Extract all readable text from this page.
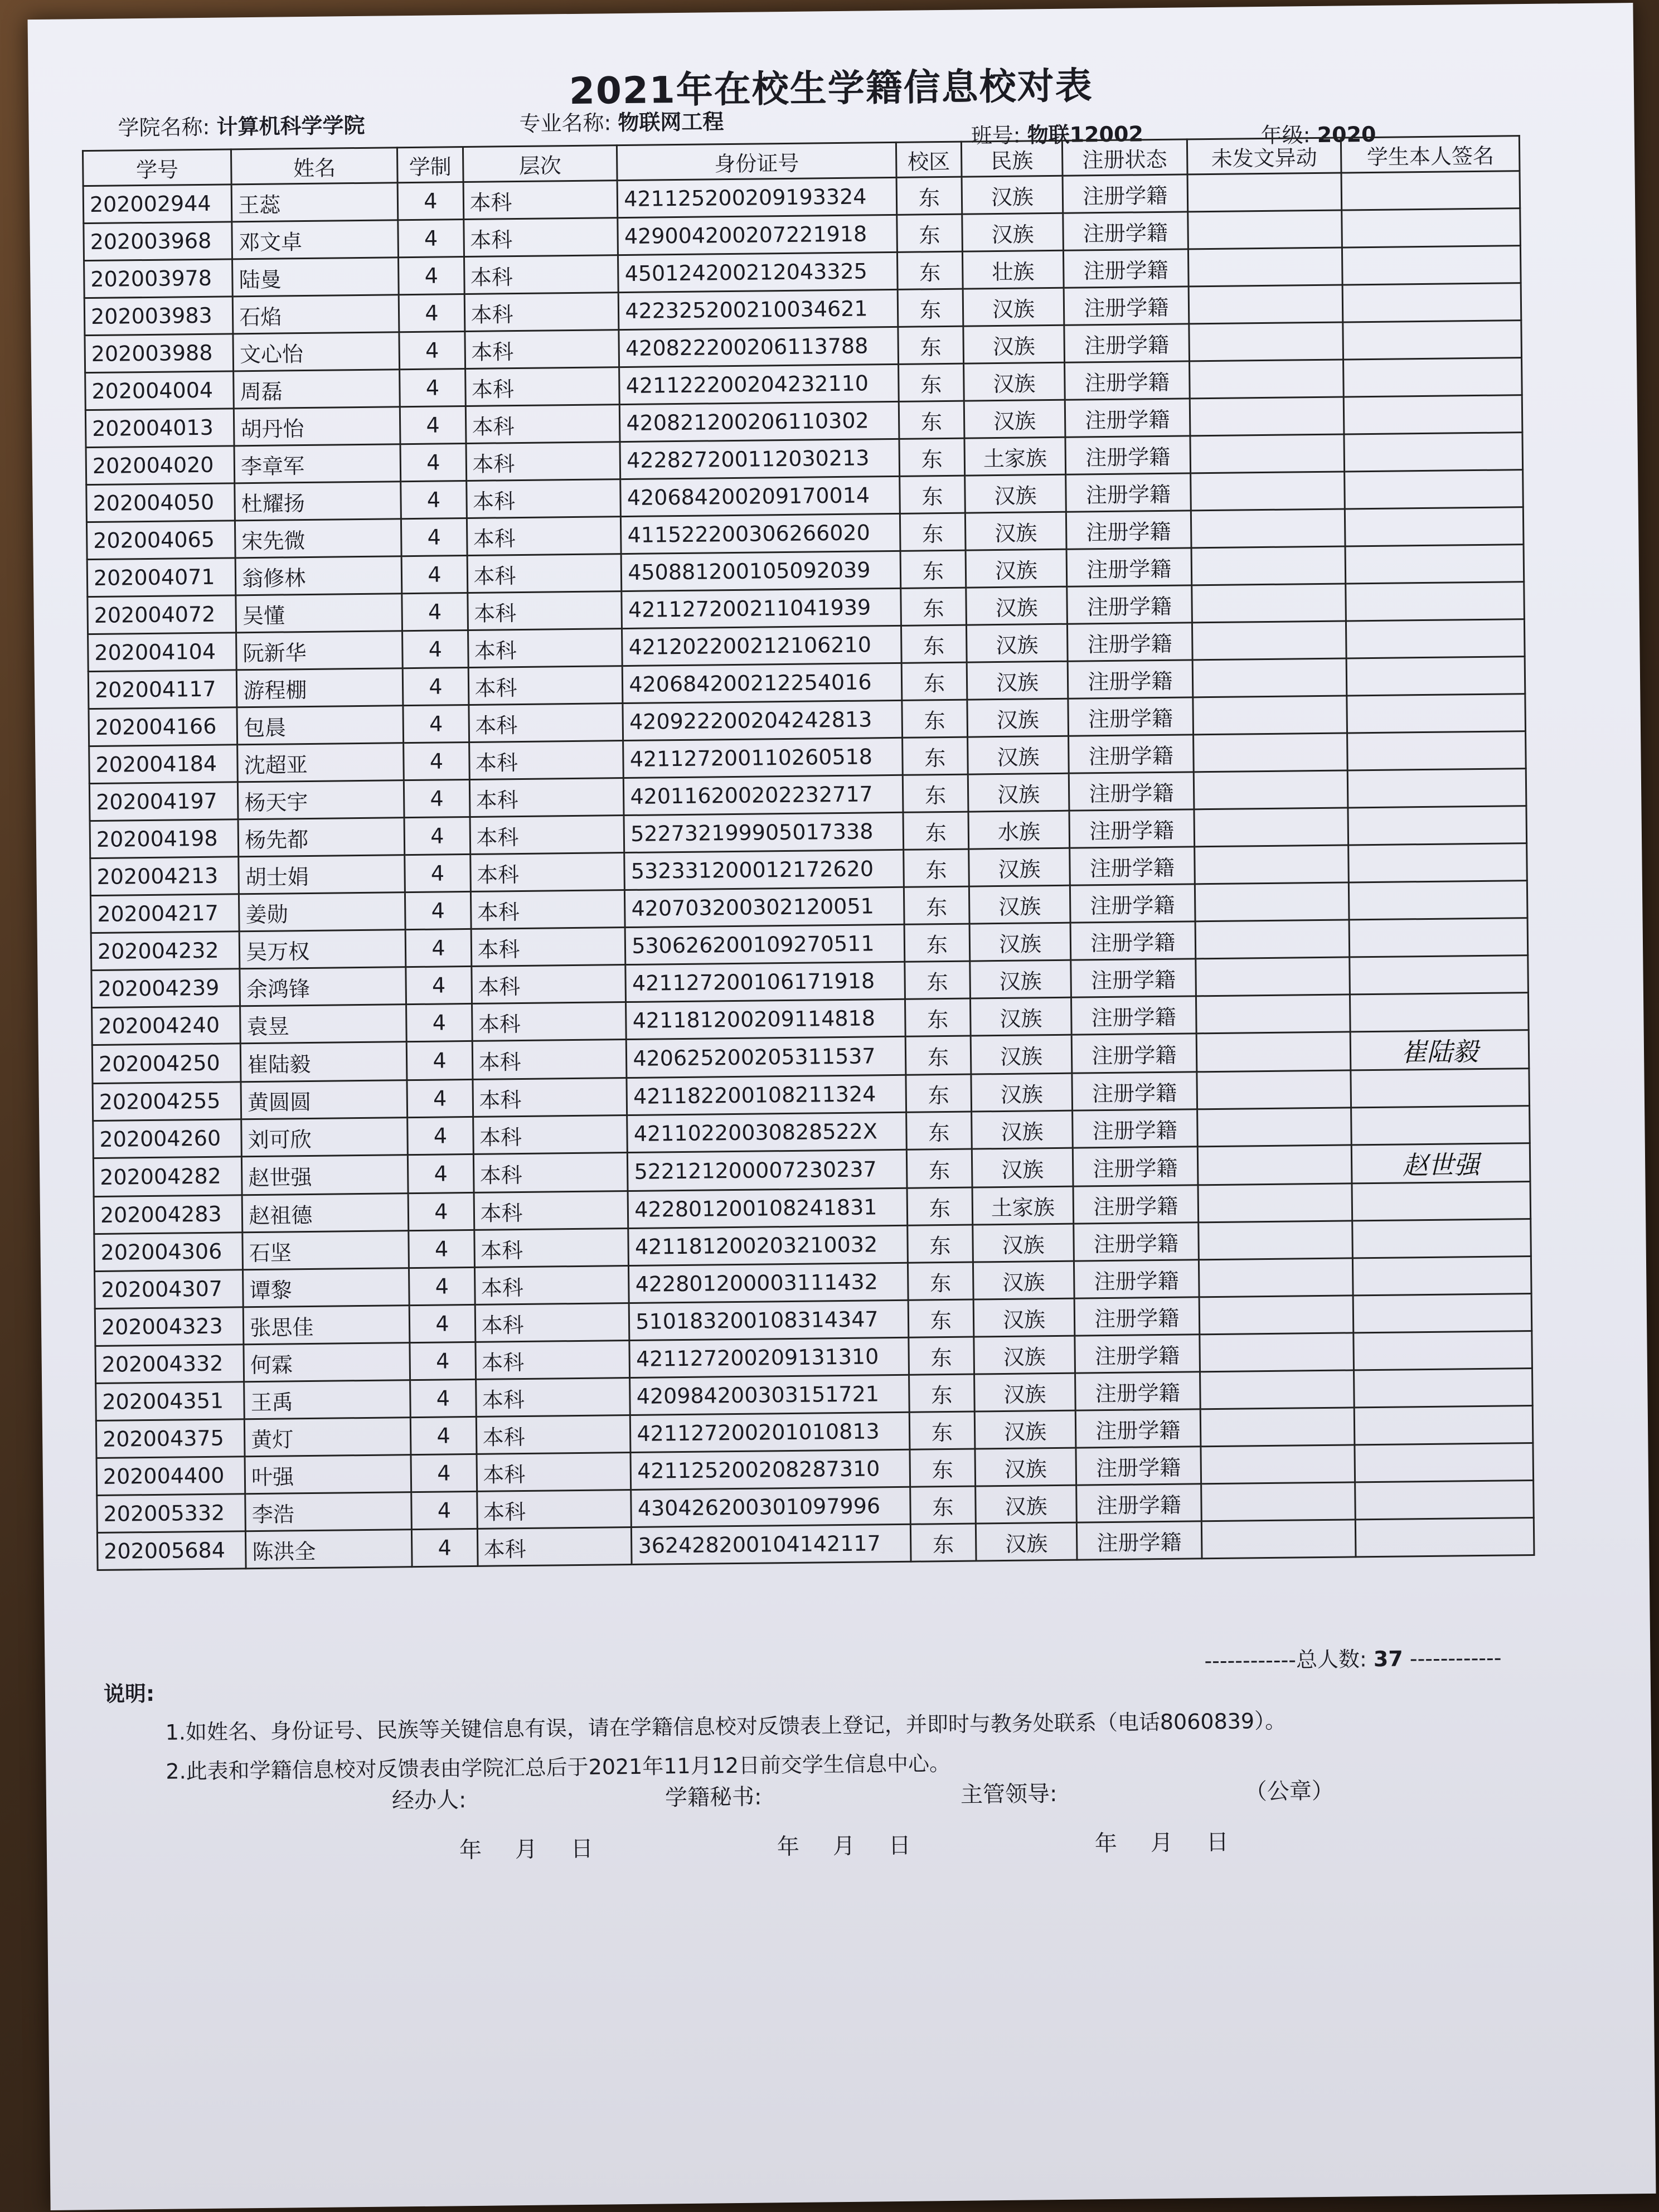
2021年在校生学籍信息校对表
学院名称: 计算机科学学院	专业名称: 物联网工程
班号: 物联12002	年级: 2020
学号	姓名	学制	层次	身份证号	校区	民族	注册状态	未发文异动	学生本人签名
202002944	王蕊	4	本科	421125200209193324	东	汉族	注册学籍		
202003968	邓文卓	4	本科	429004200207221918	东	汉族	注册学籍		
202003978	陆曼	4	本科	450124200212043325	东	壮族	注册学籍		
202003983	石焰	4	本科	422325200210034621	东	汉族	注册学籍		
202003988	文心怡	4	本科	420822200206113788	东	汉族	注册学籍		
202004004	周磊	4	本科	421122200204232110	东	汉族	注册学籍		
202004013	胡丹怡	4	本科	420821200206110302	东	汉族	注册学籍		
202004020	李章军	4	本科	422827200112030213	东	土家族	注册学籍		
202004050	杜耀扬	4	本科	420684200209170014	东	汉族	注册学籍		
202004065	宋先微	4	本科	411522200306266020	东	汉族	注册学籍		
202004071	翁修林	4	本科	450881200105092039	东	汉族	注册学籍		
202004072	吴懂	4	本科	421127200211041939	东	汉族	注册学籍		
202004104	阮新华	4	本科	421202200212106210	东	汉族	注册学籍		
202004117	游程棚	4	本科	420684200212254016	东	汉族	注册学籍		
202004166	包晨	4	本科	420922200204242813	东	汉族	注册学籍		
202004184	沈超亚	4	本科	421127200110260518	东	汉族	注册学籍		
202004197	杨天宇	4	本科	420116200202232717	东	汉族	注册学籍		
202004198	杨先都	4	本科	522732199905017338	东	水族	注册学籍		
202004213	胡士娟	4	本科	532331200012172620	东	汉族	注册学籍		
202004217	姜勋	4	本科	420703200302120051	东	汉族	注册学籍		
202004232	吴万权	4	本科	530626200109270511	东	汉族	注册学籍		
202004239	余鸿锋	4	本科	421127200106171918	东	汉族	注册学籍		
202004240	袁昱	4	本科	421181200209114818	东	汉族	注册学籍		
202004250	崔陆毅	4	本科	420625200205311537	东	汉族	注册学籍		崔陆毅
202004255	黄圆圆	4	本科	421182200108211324	东	汉族	注册学籍		
202004260	刘可欣	4	本科	42110220030828522X	东	汉族	注册学籍		
202004282	赵世强	4	本科	522121200007230237	东	汉族	注册学籍		赵世强
202004283	赵祖德	4	本科	422801200108241831	东	土家族	注册学籍		
202004306	石坚	4	本科	421181200203210032	东	汉族	注册学籍		
202004307	谭黎	4	本科	422801200003111432	东	汉族	注册学籍		
202004323	张思佳	4	本科	510183200108314347	东	汉族	注册学籍		
202004332	何霖	4	本科	421127200209131310	东	汉族	注册学籍		
202004351	王禹	4	本科	420984200303151721	东	汉族	注册学籍		
202004375	黄灯	4	本科	421127200201010813	东	汉族	注册学籍		
202004400	叶强	4	本科	421125200208287310	东	汉族	注册学籍		
202005332	李浩	4	本科	430426200301097996	东	汉族	注册学籍		
202005684	陈洪全	4	本科	362428200104142117	东	汉族	注册学籍		
------------总人数: 37 ------------
说明:
1.如姓名、身份证号、民族等关键信息有误，请在学籍信息校对反馈表上登记，并即时与教务处联系（电话8060839）。
2.此表和学籍信息校对反馈表由学院汇总后于2021年11月12日前交学生信息中心。
经办人:	学籍秘书:	主管领导:	（公章）
年　月　日	年　月　日	年　月　日
